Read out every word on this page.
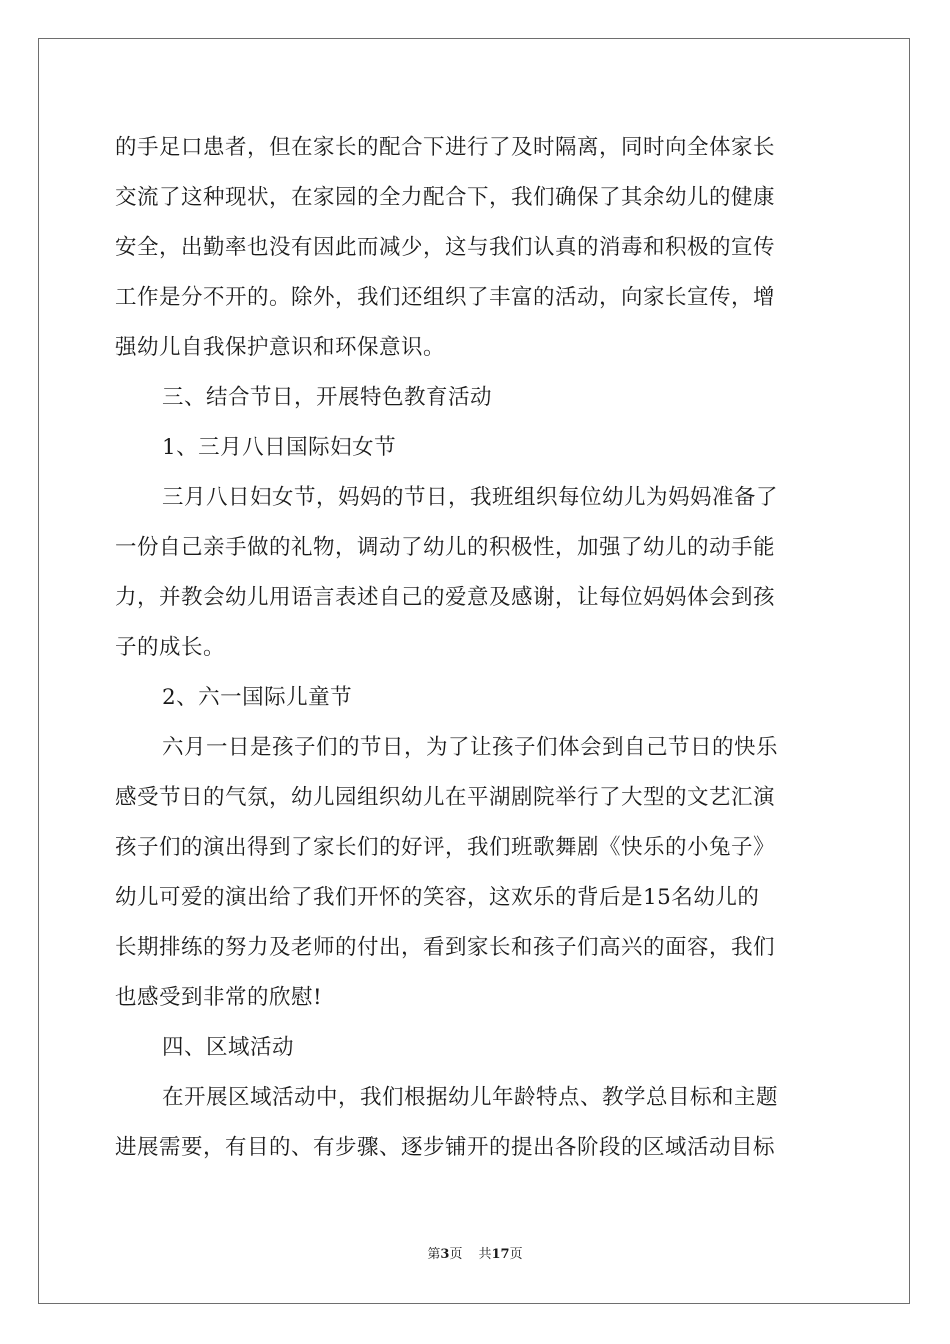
的手足口患者，但在家长的配合下进行了及时隔离，同时向全体家长
交流了这种现状，在家园的全力配合下，我们确保了其余幼儿的健康
安全，出勤率也没有因此而减少，这与我们认真的消毒和积极的宣传
工作是分不开的。除外，我们还组织了丰富的活动，向家长宣传，增
强幼儿自我保护意识和环保意识。
三、结合节日，开展特色教育活动
1、三月八日国际妇女节
三月八日妇女节，妈妈的节日，我班组织每位幼儿为妈妈准备了
一份自己亲手做的礼物，调动了幼儿的积极性，加强了幼儿的动手能
力，并教会幼儿用语言表述自己的爱意及感谢，让每位妈妈体会到孩
子的成长。
2、六一国际儿童节
六月一日是孩子们的节日，为了让孩子们体会到自己节日的快乐
感受节日的气氛，幼儿园组织幼儿在平湖剧院举行了大型的文艺汇演
孩子们的演出得到了家长们的好评，我们班歌舞剧《快乐的小兔子》
幼儿可爱的演出给了我们开怀的笑容，这欢乐的背后是15名幼儿的
长期排练的努力及老师的付出，看到家长和孩子们高兴的面容，我们
也感受到非常的欣慰!
四、区域活动
在开展区域活动中，我们根据幼儿年龄特点、教学总目标和主题
进展需要，有目的、有步骤、逐步铺开的提出各阶段的区域活动目标
第3页 共17页
